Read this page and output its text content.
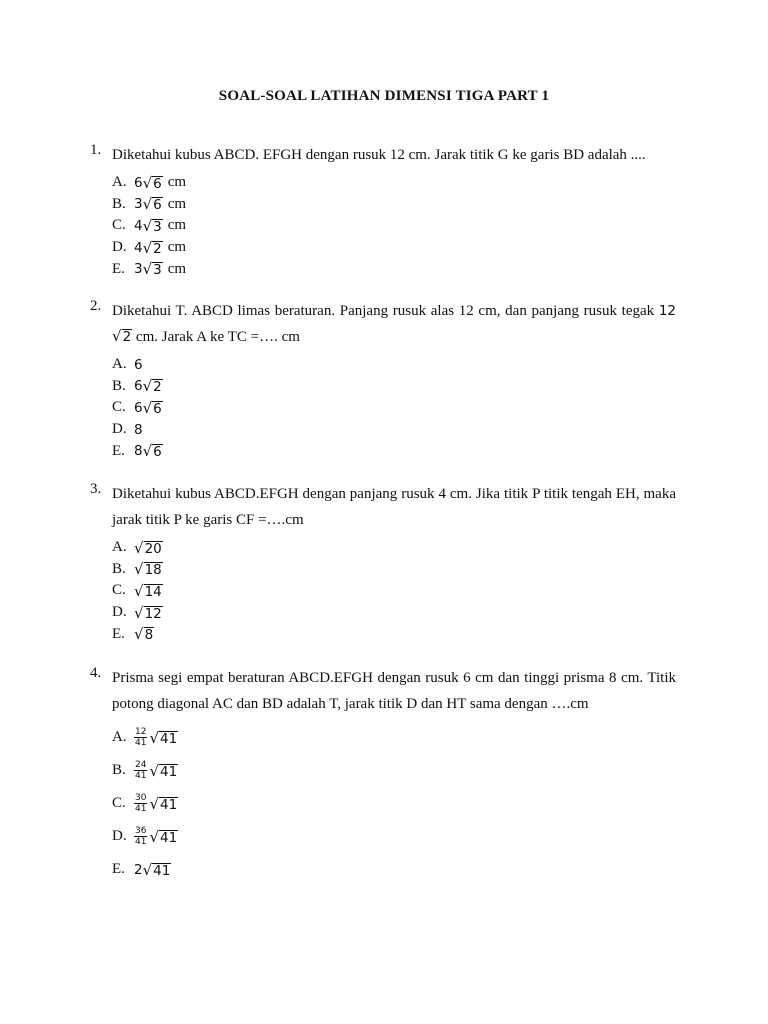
SOAL-SOAL LATIHAN DIMENSI TIGA PART 1
1. Diketahui kubus ABCD. EFGH dengan rusuk 12 cm. Jarak titik G ke garis BD adalah ....
A. 6 √ 6 cm
B. 3 √ 6 cm
C. 4 √ 3 cm
D. 4 √ 2 cm
E. 3 √ 3 cm
2. Diketahui T. ABCD limas beraturan. Panjang rusuk alas 12 cm, dan panjang rusuk tegak 12
√ 2 cm. Jarak A ke TC =…. cm
A. 6
B. 6 √ 2
C. 6 √ 6
D. 8
E. 8 √ 6
3. Diketahui kubus ABCD.EFGH dengan panjang rusuk 4 cm. Jika titik P titik tengah EH, maka jarak titik P ke garis CF =….cm
A. √ 20
B. √ 18
C. √ 14
D. √ 12
E. √ 8
4. Prisma segi empat beraturan ABCD.EFGH dengan rusuk 6 cm dan tinggi prisma 8 cm. Titik potong diagonal AC dan BD adalah T, jarak titik D dan HT sama dengan ….cm
A. $\frac{12}{41}$ √ 41
B. $\frac{24}{41}$ √ 41
C. $\frac{30}{41}$ √ 41
D. $\frac{36}{41}$ √ 41
E. 2 √ 41
